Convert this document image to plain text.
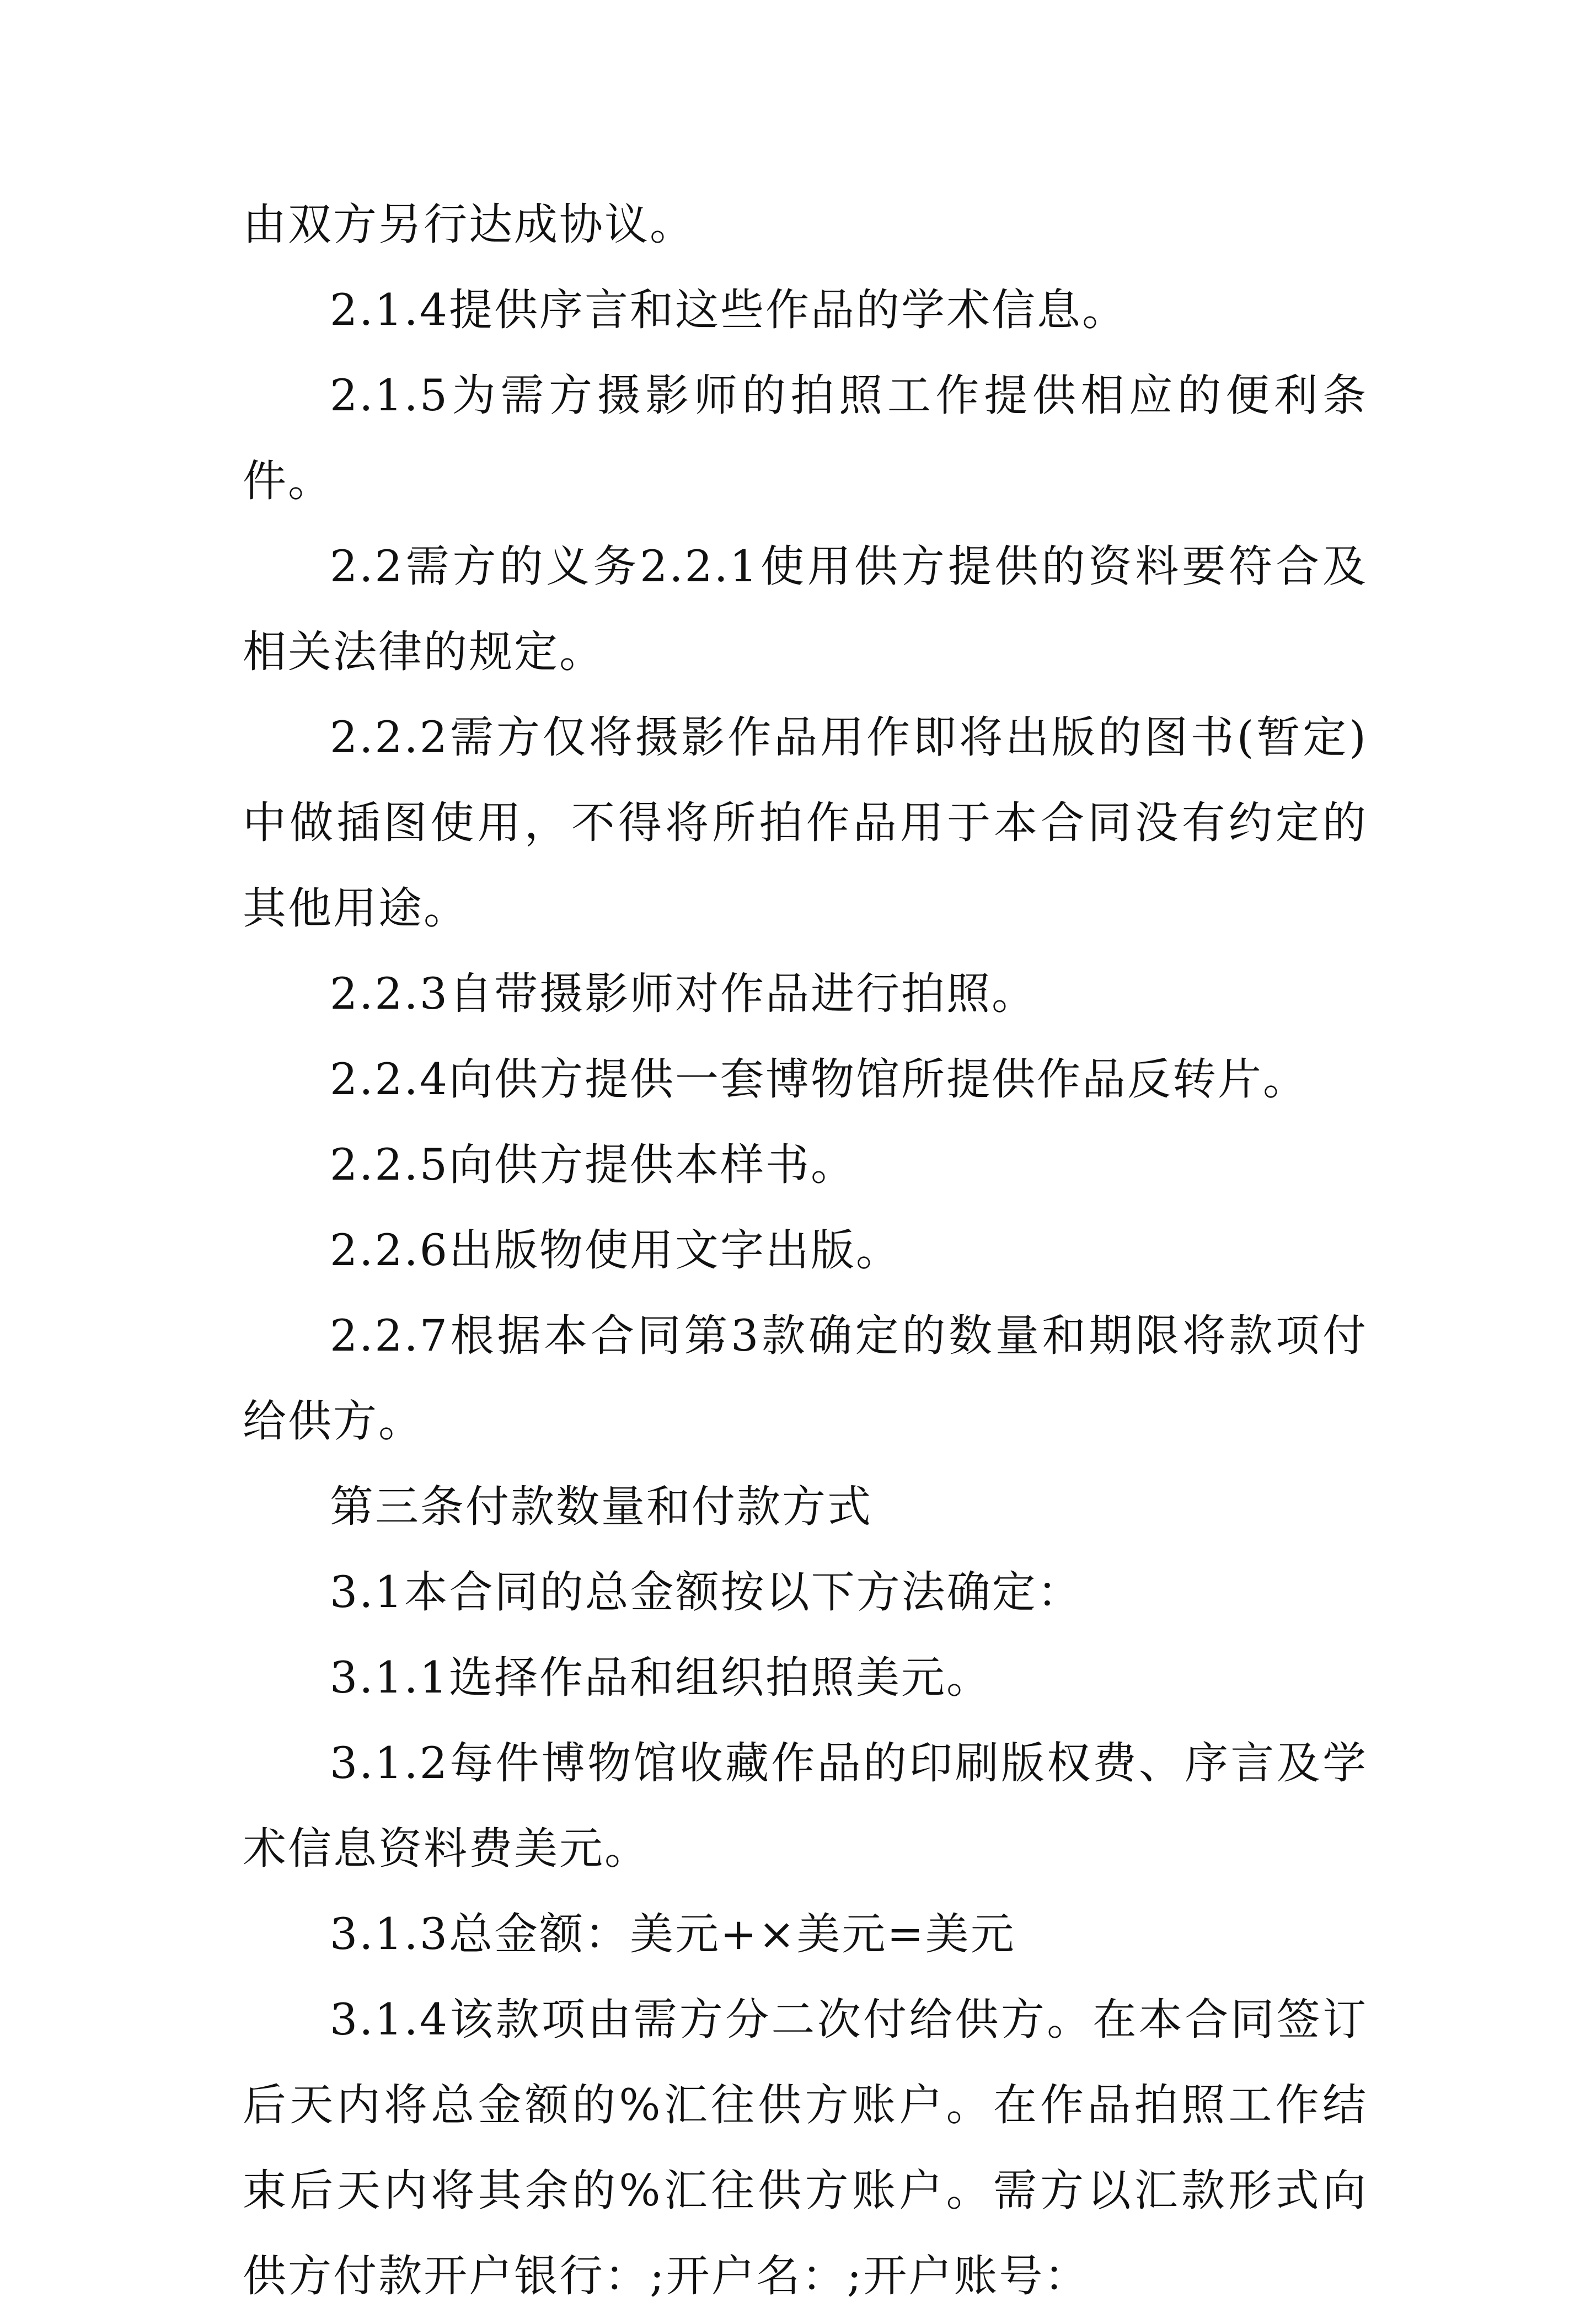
由双方另行达成协议。

2.1.4提供序言和这些作品的学术信息。

2.1.5为需方摄影师的拍照工作提供相应的便利条件。

2.2需方的义务2.2.1使用供方提供的资料要符合及相关法律的规定。

2.2.2需方仅将摄影作品用作即将出版的图书(暂定)中做插图使用，不得将所拍作品用于本合同没有约定的其他用途。

2.2.3自带摄影师对作品进行拍照。

2.2.4向供方提供一套博物馆所提供作品反转片。

2.2.5向供方提供本样书。

2.2.6出版物使用文字出版。

2.2.7根据本合同第3款确定的数量和期限将款项付给供方。

第三条付款数量和付款方式

3.1本合同的总金额按以下方法确定：

3.1.1选择作品和组织拍照美元。

3.1.2每件博物馆收藏作品的印刷版权费、序言及学术信息资料费美元。

3.1.3总金额：美元+×美元=美元

3.1.4该款项由需方分二次付给供方。在本合同签订后天内将总金额的%汇往供方账户。在作品拍照工作结束后天内将其余的%汇往供方账户。需方以汇款形式向供方付款开户银行：;开户名：;开户账号：
